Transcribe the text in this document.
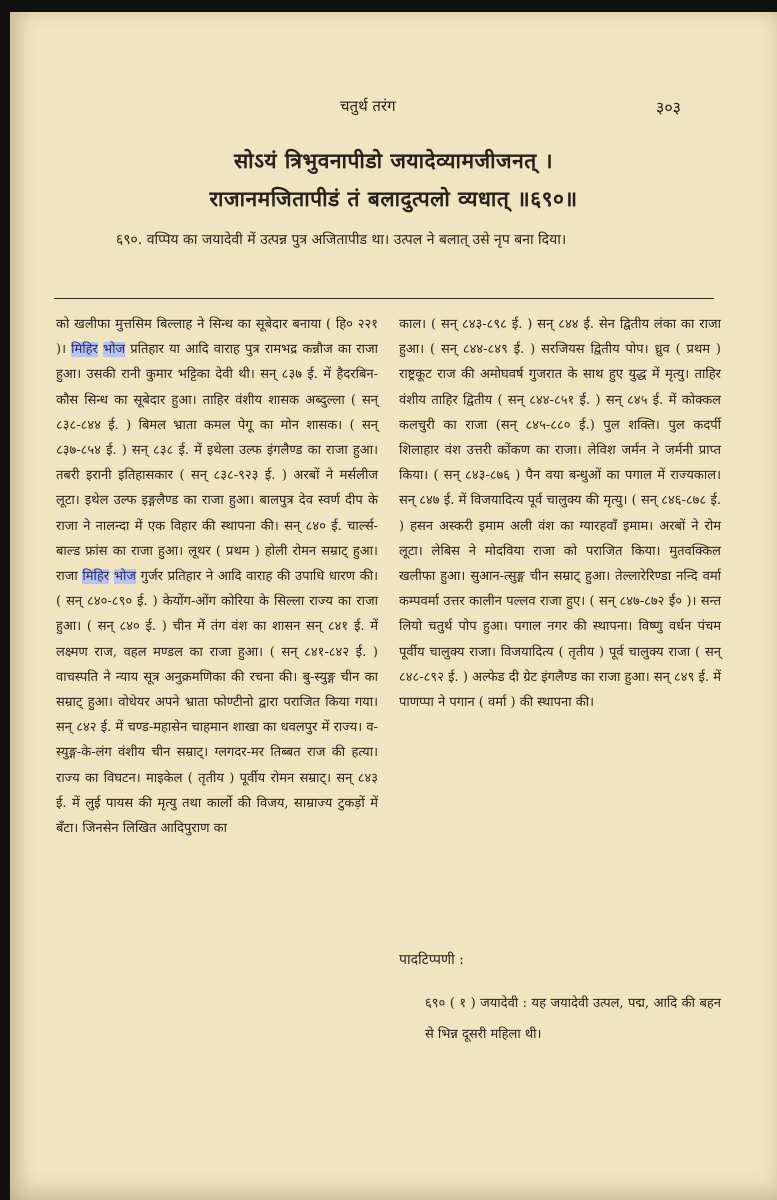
चतुर्थ तरंग	३०३
सोऽयं त्रिभुवनापीडो जयादेव्यामजीजनत् ।
राजानमजितापीडं तं बलादुत्पलो व्यधात् ॥६९०॥
६९०. वप्पिय का जयादेवी में उत्पन्न पुत्र अजितापीड था। उत्पल ने बलात् उसे नृप बना दिया।

को खलीफा मुत्तसिम बिल्लाह ने सिन्ध का सूबेदार बनाया ( हि० २२१ )। मिहिर भोज प्रतिहार या आदि वाराह पुत्र रामभद्र कन्नौज का राजा हुआ। उसकी रानी कुमार भट्टिका देवी थी। सन् ८३७ ई. में हैदरबिन-कौस सिन्ध का सूबेदार हुआ। ताहिर वंशीय शासक अब्दुल्ला ( सन् ८३८-८४४ ई. ) बिमल भ्राता कमल पेगू का मोन शासक। ( सन् ८३७-८५४ ई. ) सन् ८३८ ई. में इथेला उल्फ इंगलैण्ड का राजा हुआ। तबरी इरानी इतिहासकार ( सन् ८३८-९२३ ई. ) अरबों ने मर्सलीज लूटा। इथेल उल्फ इङ्गलैण्ड का राजा हुआ। बालपुत्र देव स्वर्ण दीप के राजा ने नालन्दा में एक विहार की स्थापना की। सन् ८४० ई. चार्ल्स-बाल्ड फ्रांस का राजा हुआ। लूथर ( प्रथम ) होली रोमन सम्राट् हुआ। राजा मिहिर भोज गुर्जर प्रतिहार ने आदि वाराह की उपाधि धारण की। ( सन् ८४०-८९० ई. ) केयोंग-ओंग कोरिया के सिल्ला राज्य का राजा हुआ। ( सन् ८४० ई. ) चीन में तंग वंश का शासन सन् ८४१ ई. में लक्ष्मण राज, वहल मण्डल का राजा हुआ। ( सन् ८४१-८४२ ई. ) वाचस्पति ने न्याय सूत्र अनुक्रमणिका की रचना की। बु-स्युङ्ग चीन का सम्राट् हुआ। वोधेयर अपने भ्राता फोण्टीनो द्वारा पराजित किया गया। सन् ८४२ ई. में चण्ड-महासेन चाहमान शाखा का धवलपुर में राज्य। व-स्युङ्ग-के-लंग वंशीय चीन सम्राट्। ग्लगदर-मर तिब्बत राज की हत्या। राज्य का विघटन। माइकेल ( तृतीय ) पूर्वीय रोमन सम्राट्। सन् ८४३ ई. में लुई पायस की मृत्यु तथा कार्लो की विजय, साम्राज्य टुकड़ों में बँटा। जिनसेन लिखित आदिपुराण का

काल। ( सन् ८४३-८९८ ई. ) सन् ८४४ ई. सेन द्वितीय लंका का राजा हुआ। ( सन् ८४४-८४९ ई. ) सरजियस द्वितीय पोप। ध्रुव ( प्रथम ) राष्ट्रकूट राज की अमोघवर्ष गुजरात के साथ हुए युद्ध में मृत्यु। ताहिर वंशीय ताहिर द्वितीय ( सन् ८४४-८५१ ई. ) सन् ८४५ ई. में कोक्कल कलचुरी का राजा (सन् ८४५-८८० ई.) पुल शक्ति। पुल कदर्पी शिलाहार वंश उत्तरी कोंकण का राजा। लेविश जर्मन ने जर्मनी प्राप्त किया। ( सन् ८४३-८७६ ) पैन वया बन्धुओं का पगाल में राज्यकाल। सन् ८४७ ई. में विजयादित्य पूर्व चालुक्य की मृत्यु। ( सन् ८४६-८७८ ई. ) हसन अस्करी इमाम अली वंश का ग्यारहवाँ इमाम। अरबों ने रोम लूटा। लेबिस ने मोदविया राजा को पराजित किया। मुतवक्किल खलीफा हुआ। सुआन-त्सुङ्ग चीन सम्राट् हुआ। तेल्लारेरिण्डा नन्दि वर्मा कम्पवर्मा उत्तर कालीन पल्लव राजा हुए। ( सन् ८४७-८७२ ई० )। सन्त लियो चतुर्थ पोप हुआ। पगाल नगर की स्थापना। विष्णु वर्धन पंचम पूर्वीय चालुक्य राजा। विजयादित्य ( तृतीय ) पूर्व चालुक्य राजा ( सन् ८४८-८९२ ई. ) अल्फेड दी ग्रेट इंगलैण्ड का राजा हुआ। सन् ८४९ ई. में पाणप्पा ने पगान ( वर्मा ) की स्थापना की।

पादटिप्पणी :
६९० ( १ ) जयादेवी : यह जयादेवी उत्पल, पद्म, आदि की बहन से भिन्न दूसरी महिला थी।
